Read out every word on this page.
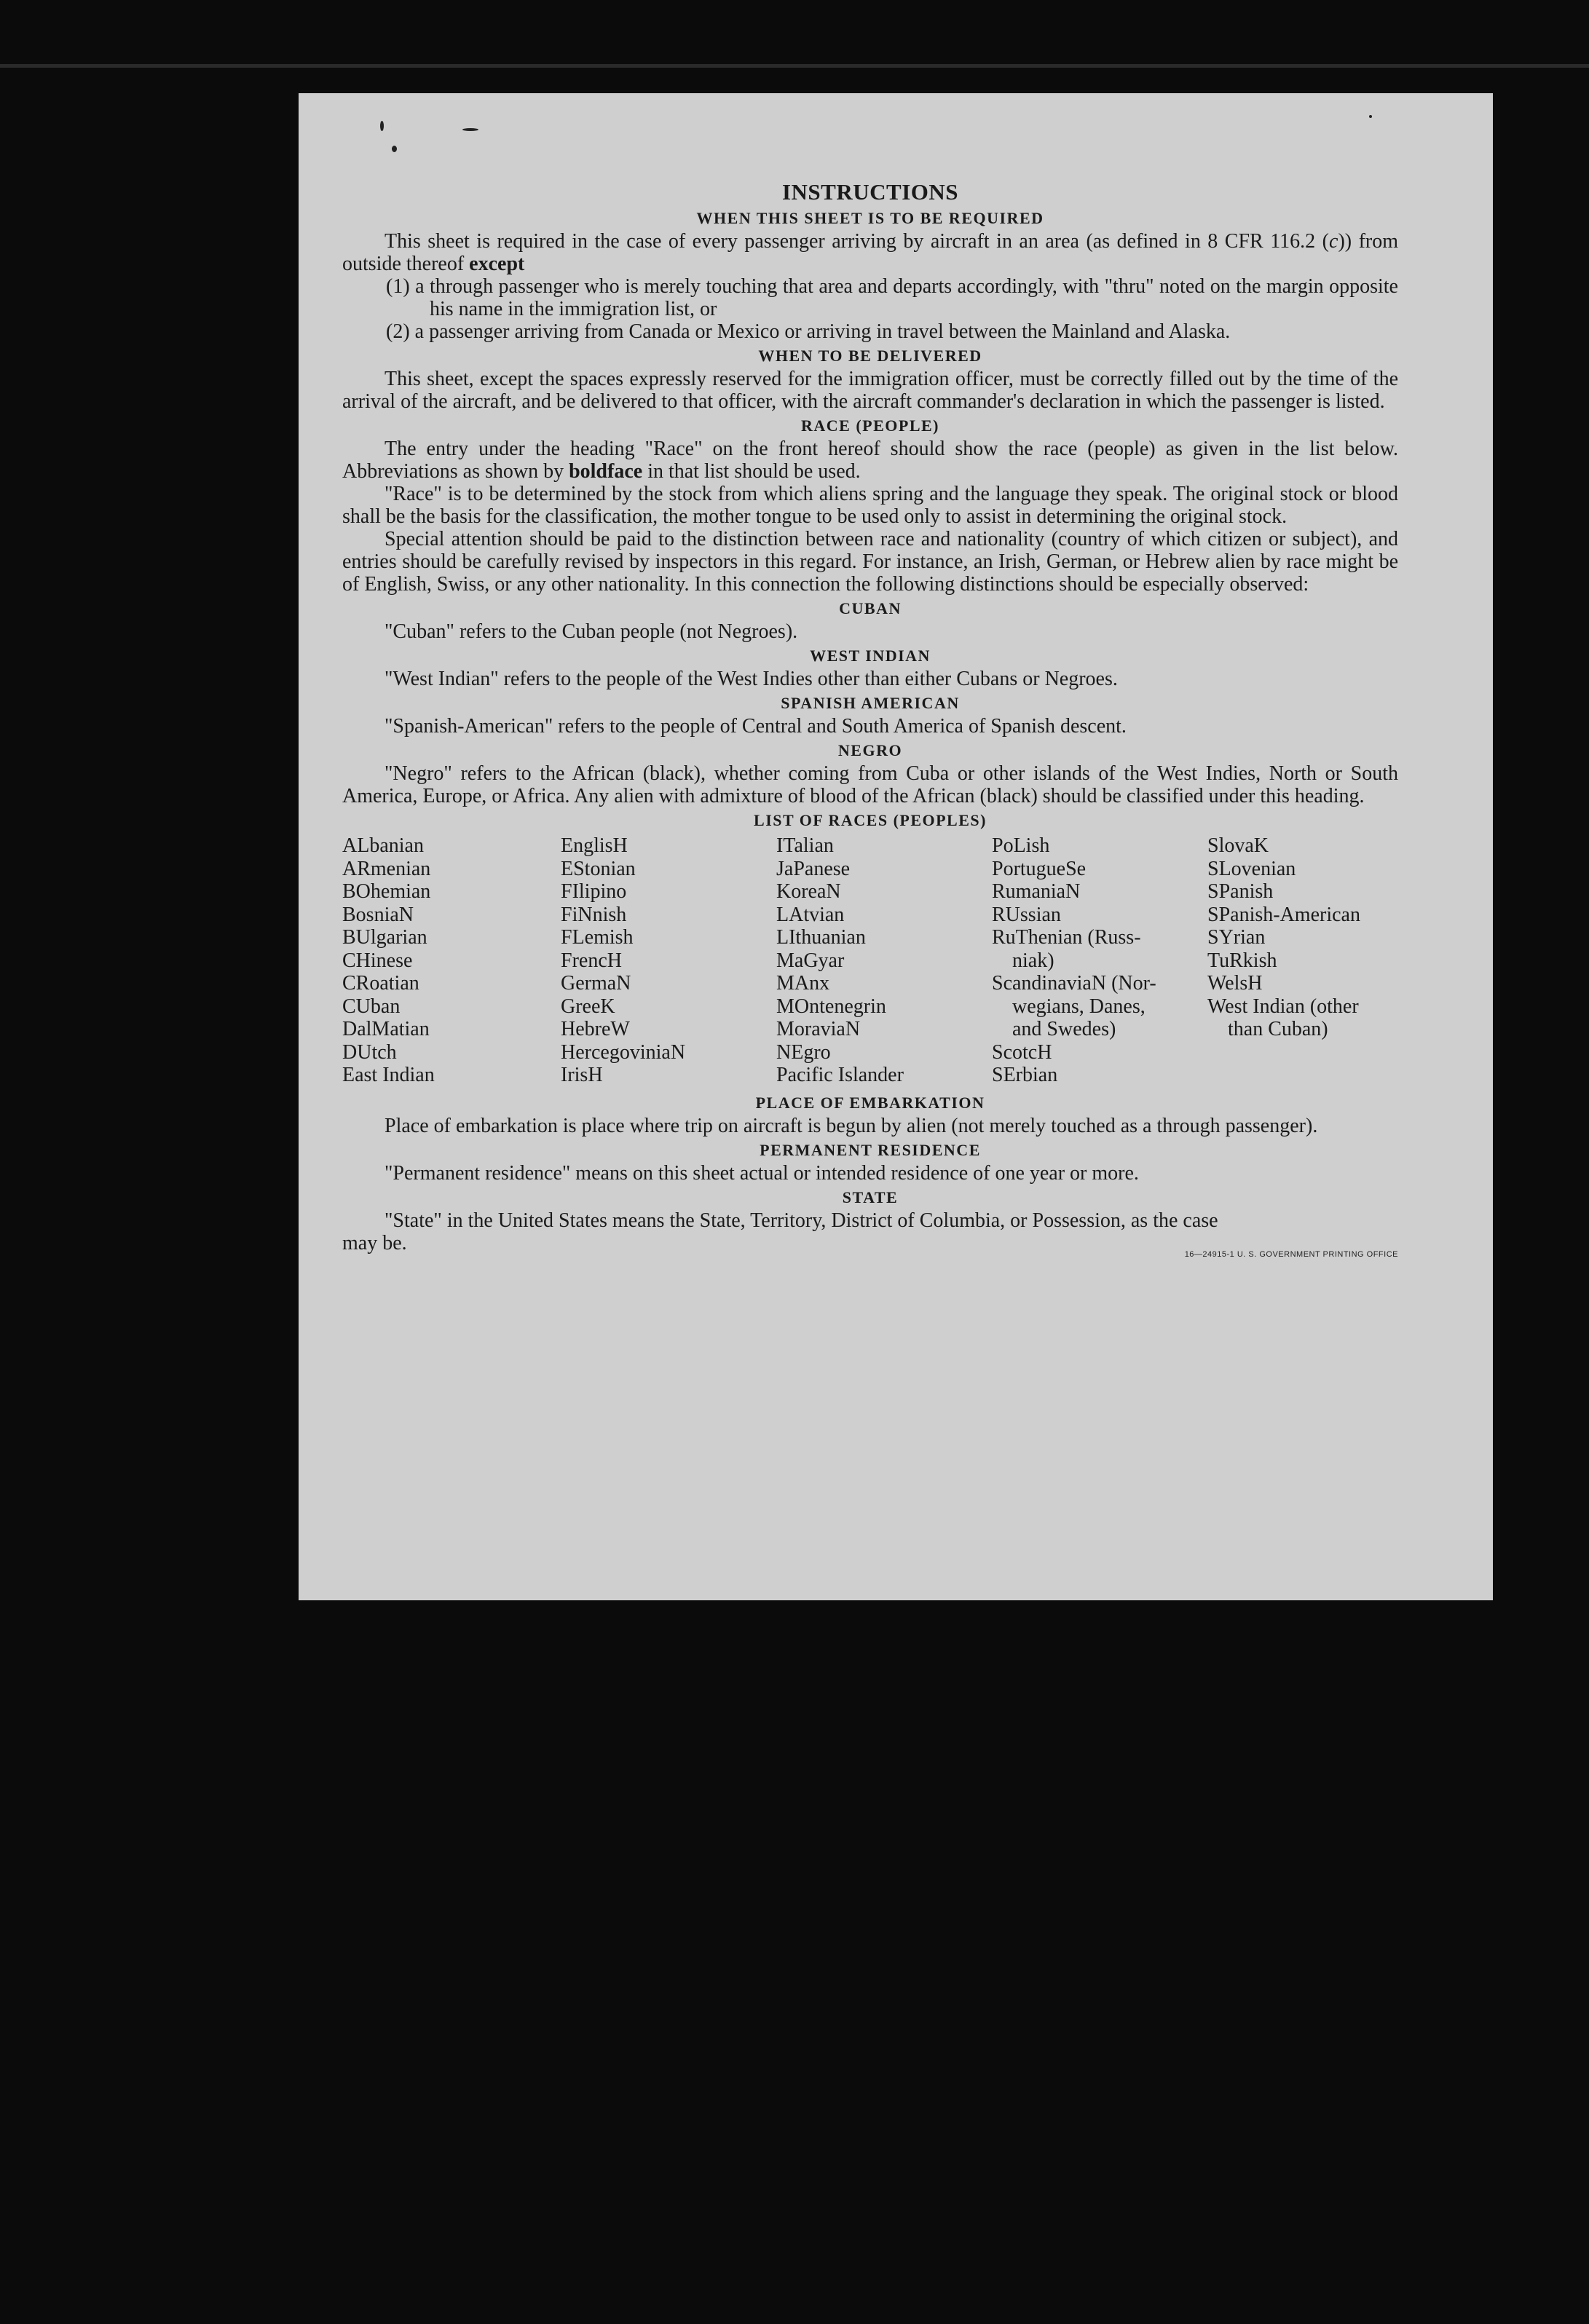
INSTRUCTIONS
WHEN THIS SHEET IS TO BE REQUIRED

This sheet is required in the case of every passenger arriving by aircraft in an area (as defined in 8 CFR 116.2 (c)) from outside thereof except

(1) a through passenger who is merely touching that area and departs accordingly, with "thru" noted on the margin opposite his name in the immigration list, or
(2) a passenger arriving from Canada or Mexico or arriving in travel between the Mainland and Alaska.
WHEN TO BE DELIVERED

This sheet, except the spaces expressly reserved for the immigration officer, must be correctly filled out by the time of the arrival of the aircraft, and be delivered to that officer, with the aircraft commander's declaration in which the passenger is listed.

RACE (PEOPLE)

The entry under the heading "Race" on the front hereof should show the race (people) as given in the list below. Abbreviations as shown by boldface in that list should be used.

"Race" is to be determined by the stock from which aliens spring and the language they speak. The original stock or blood shall be the basis for the classification, the mother tongue to be used only to assist in determining the original stock.

Special attention should be paid to the distinction between race and nationality (country of which citizen or subject), and entries should be carefully revised by inspectors in this regard. For instance, an Irish, German, or Hebrew alien by race might be of English, Swiss, or any other nationality. In this connection the following distinctions should be especially observed:

CUBAN

"Cuban" refers to the Cuban people (not Negroes).

WEST INDIAN

"West Indian" refers to the people of the West Indies other than either Cubans or Negroes.

SPANISH AMERICAN

"Spanish-American" refers to the people of Central and South America of Spanish descent.

NEGRO

"Negro" refers to the African (black), whether coming from Cuba or other islands of the West Indies, North or South America, Europe, or Africa. Any alien with admixture of blood of the African (black) should be classified under this heading.

LIST OF RACES (PEOPLES)
ALbanian
ARmenian
BOhemian
BosniaN
BUlgarian
CHinese
CRoatian
CUban
DalMatian
DUtch
East Indian
EnglisH
EStonian
FIlipino
FiNnish
FLemish
FrencH
GermaN
GreeK
HebreW
HercegoviniaN
IrisH
ITalian
JaPanese
KoreaN
LAtvian
LIthuanian
MaGyar
MAnx
MOntenegrin
MoraviaN
NEgro
Pacific Islander
PoLish
PortugueSe
RumaniaN
RUssian
RuThenian (Russ-
niak)
ScandinaviaN (Nor-
wegians, Danes,
and Swedes)
ScotcH
SErbian
SlovaK
SLovenian
SPanish
SPanish-American
SYrian
TuRkish
WelsH
West Indian (other
than Cuban)
PLACE OF EMBARKATION

Place of embarkation is place where trip on aircraft is begun by alien (not merely touched as a through passenger).

PERMANENT RESIDENCE

"Permanent residence" means on this sheet actual or intended residence of one year or more.

STATE

"State" in the United States means the State, Territory, District of Columbia, or Possession, as the case

may be.	16—24915-1 U. S. GOVERNMENT PRINTING OFFICE
